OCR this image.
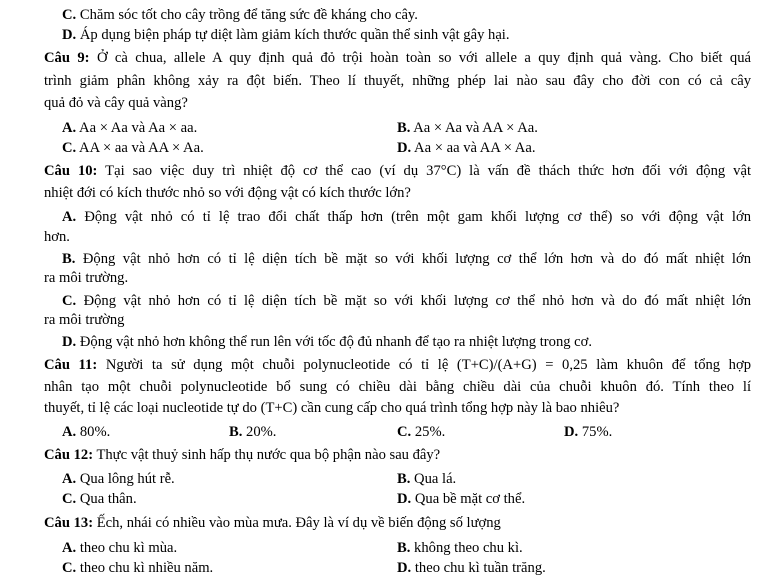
C. Chăm sóc tốt cho cây trồng để tăng sức đề kháng cho cây.
D. Áp dụng biện pháp tự diệt làm giảm kích thước quần thể sinh vật gây hại.
Câu 9: Ở cà chua, allele A quy định quả đỏ trội hoàn toàn so với allele a quy định quả vàng. Cho biết quá
trình giảm phân không xảy ra đột biến. Theo lí thuyết, những phép lai nào sau đây cho đời con có cả cây
quả đỏ và cây quả vàng?
A. Aa × Aa và Aa × aa.	B. Aa × Aa và AA × Aa.
C. AA × aa và AA × Aa.	D. Aa × aa và AA × Aa.
Câu 10: Tại sao việc duy trì nhiệt độ cơ thể cao (ví dụ 37°C) là vấn đề thách thức hơn đối với động vật
nhiệt đới có kích thước nhỏ so với động vật có kích thước lớn?
A. Động vật nhỏ có tỉ lệ trao đổi chất thấp hơn (trên một gam khối lượng cơ thể) so với động vật lớn
hơn.
B. Động vật nhỏ hơn có tỉ lệ diện tích bề mặt so với khối lượng cơ thể lớn hơn và do đó mất nhiệt lớn
ra môi trường.
C. Động vật nhỏ hơn có tỉ lệ diện tích bề mặt so với khối lượng cơ thể nhỏ hơn và do đó mất nhiệt lớn
ra môi trường
D. Động vật nhỏ hơn không thể run lên với tốc độ đủ nhanh để tạo ra nhiệt lượng trong cơ.
Câu 11: Người ta sử dụng một chuỗi polynucleotide có tỉ lệ (T+C)/(A+G) = 0,25 làm khuôn để tổng hợp
nhân tạo một chuỗi polynucleotide bổ sung có chiều dài bằng chiều dài của chuỗi khuôn đó. Tính theo lí
thuyết, tỉ lệ các loại nucleotide tự do (T+C) cần cung cấp cho quá trình tổng hợp này là bao nhiêu?
A. 80%.	B. 20%.	C. 25%.	D. 75%.
Câu 12: Thực vật thuỷ sinh hấp thụ nước qua bộ phận nào sau đây?
A. Qua lông hút rễ.	B. Qua lá.
C. Qua thân.	D. Qua bề mặt cơ thể.
Câu 13: Ếch, nhái có nhiều vào mùa mưa. Đây là ví dụ về biến động số lượng
A. theo chu kì mùa.	B. không theo chu kì.
C. theo chu kì nhiều năm.	D. theo chu kì tuần trăng.
